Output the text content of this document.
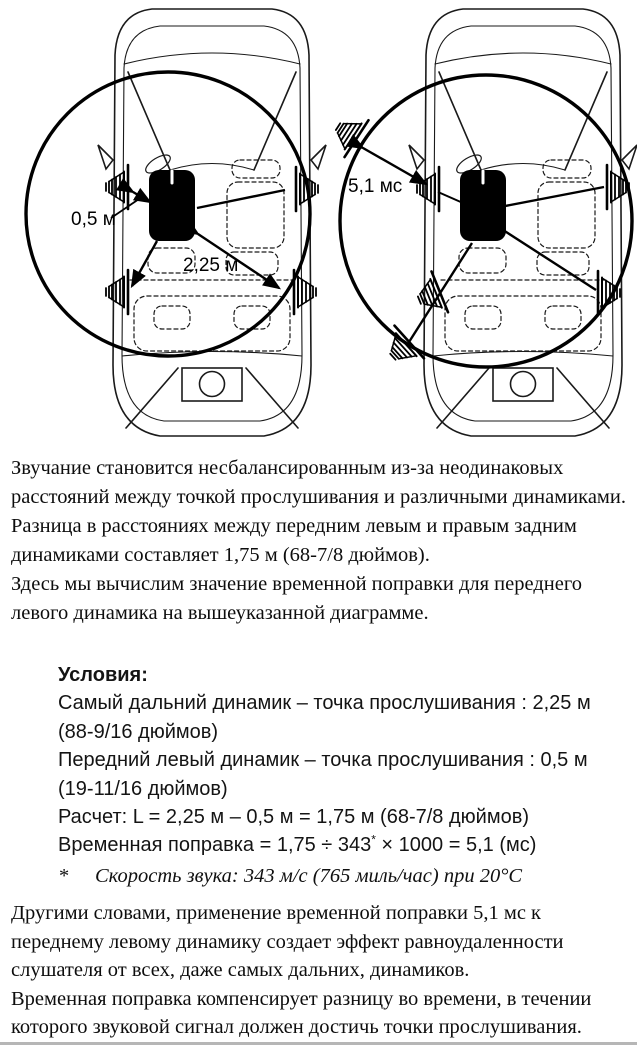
0,5 м
2,25 м
5,1 мс

Звучание становится несбалансированным из-за неодинаковых расстояний между точкой прослушивания и различными динамиками.

Разница в расстояниях между передним левым и правым задним динамиками составляет 1,75 м (68-7/8 дюймов).

Здесь мы вычислим значение временной поправки для переднего левого динамика на вышеуказанной диаграмме.

Условия:
Самый дальний динамик – точка прослушивания : 2,25 м
(88-9/16 дюймов)
Передний левый динамик – точка прослушивания : 0,5 м
(19-11/16 дюймов)
Расчет: L = 2,25 м – 0,5 м = 1,75 м (68-7/8 дюймов)
Временная поправка = 1,75 ÷ 343* × 1000 = 5,1 (мс)
*	Скорость звука: 343 м/с (765 миль/час) при 20°C

Другими словами, применение временной поправки 5,1 мс к переднему левому динамику создает эффект равноудаленности слушателя от всех, даже самых дальних, динамиков.

Временная поправка компенсирует разницу во времени, в течении которого звуковой сигнал должен достичь точки прослушивания.
